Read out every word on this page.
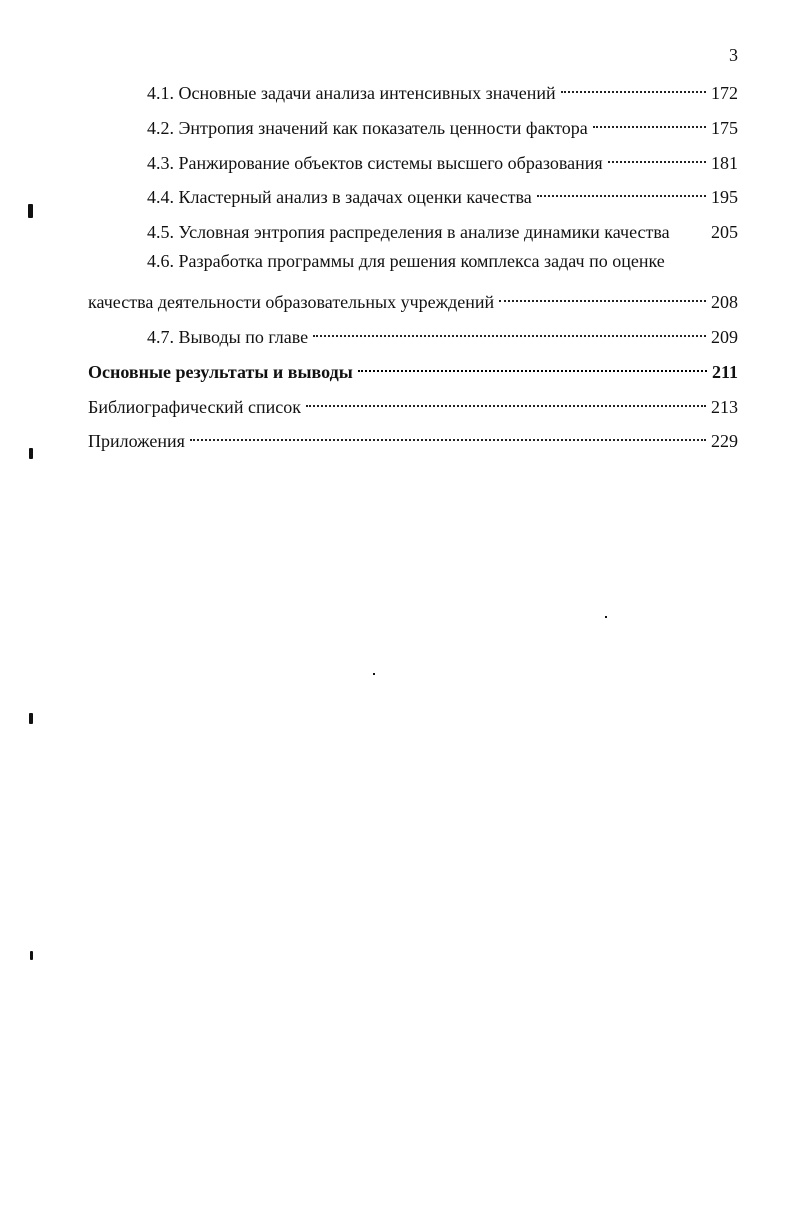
3
4.1. Основные задачи анализа интенсивных значений	172
4.2. Энтропия значений как показатель ценности фактора	175
4.3. Ранжирование объектов системы высшего образования	181
4.4. Кластерный анализ в задачах оценки качества	195
4.5. Условная энтропия распределения в анализе динамики качества 205
4.6. Разработка программы для решения комплекса задач по оценке
качества деятельности образовательных учреждений	208
4.7. Выводы по главе	209
Основные результаты и выводы	211
Библиографический список	213
Приложения	229
